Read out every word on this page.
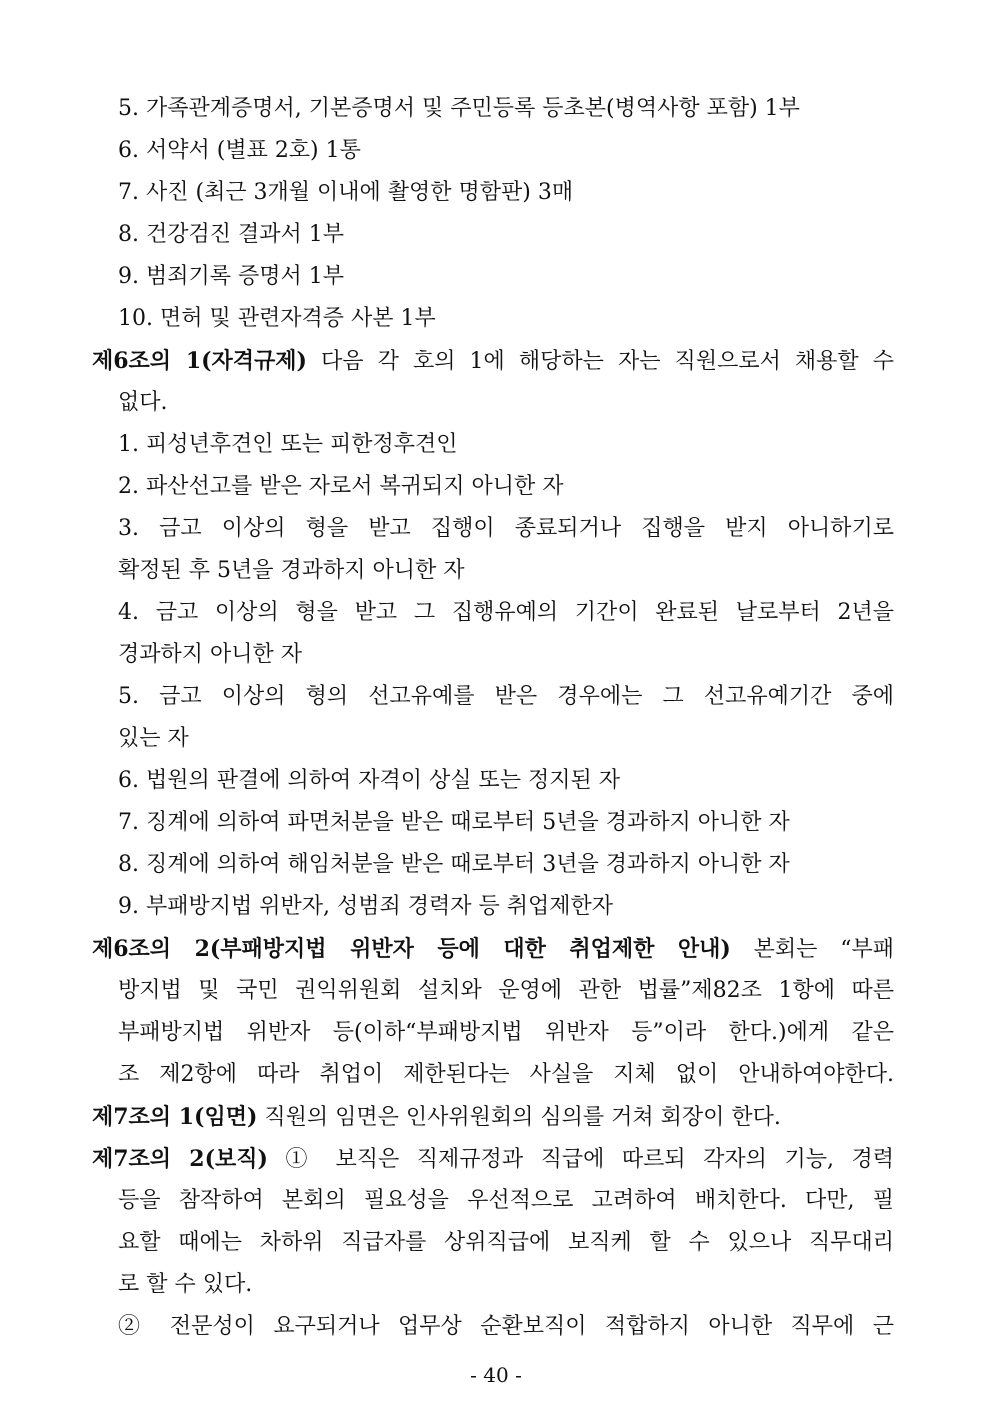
5. 가족관계증명서, 기본증명서 및 주민등록 등초본(병역사항 포함) 1부
6. 서약서 (별표 2호) 1통
7. 사진 (최근 3개월 이내에 촬영한 명함판) 3매
8. 건강검진 결과서 1부
9. 범죄기록 증명서 1부
10. 면허 및 관련자격증 사본 1부
제6조의 1(자격규제) 다음 각 호의 1에 해당하는 자는 직원으로서 채용할 수
없다.
1. 피성년후견인 또는 피한정후견인
2. 파산선고를 받은 자로서 복귀되지 아니한 자
3. 금고 이상의 형을 받고 집행이 종료되거나 집행을 받지 아니하기로
확정된 후 5년을 경과하지 아니한 자
4. 금고 이상의 형을 받고 그 집행유예의 기간이 완료된 날로부터 2년을
경과하지 아니한 자
5. 금고 이상의 형의 선고유예를 받은 경우에는 그 선고유예기간 중에
있는 자
6. 법원의 판결에 의하여 자격이 상실 또는 정지된 자
7. 징계에 의하여 파면처분을 받은 때로부터 5년을 경과하지 아니한 자
8. 징계에 의하여 해임처분을 받은 때로부터 3년을 경과하지 아니한 자
9. 부패방지법 위반자, 성범죄 경력자 등 취업제한자
제6조의 2(부패방지법 위반자 등에 대한 취업제한 안내) 본회는 “부패
방지법 및 국민 권익위원회 설치와 운영에 관한 법률”제82조 1항에 따른
부패방지법 위반자 등(이하“부패방지법 위반자 등”이라 한다.)에게 같은
조 제2항에 따라 취업이 제한된다는 사실을 지체 없이 안내하여야한다.
제7조의 1(임면) 직원의 임면은 인사위원회의 심의를 거쳐 회장이 한다.
제7조의 2(보직) ① 보직은 직제규정과 직급에 따르되 각자의 기능, 경력
등을 참작하여 본회의 필요성을 우선적으로 고려하여 배치한다. 다만, 필
요할 때에는 차하위 직급자를 상위직급에 보직케 할 수 있으나 직무대리
로 할 수 있다.
② 전문성이 요구되거나 업무상 순환보직이 적합하지 아니한 직무에 근
- 40 -
